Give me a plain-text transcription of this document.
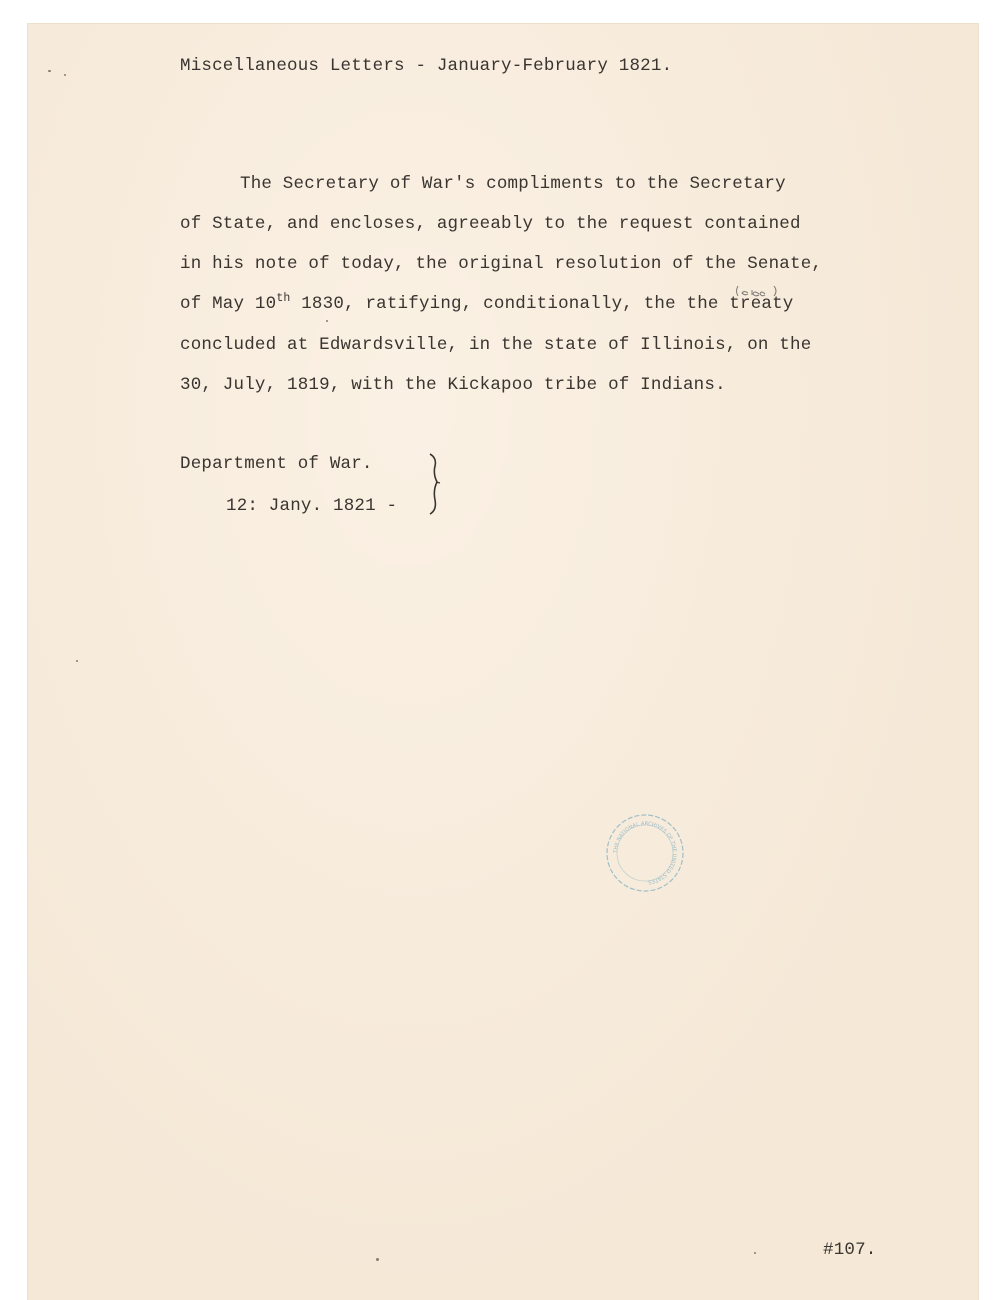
Miscellaneous Letters - January-February 1821.
The Secretary of War's compliments to the Secretary
of State, and encloses, agreeably to the request contained
in his note of today, the original resolution of the Senate,
of May 10th 1830, ratifying, conditionally, the the treaty
concluded at Edwardsville, in the state of Illinois, on the
30, July, 1819, with the Kickapoo tribe of Indians.
Department of War.
12: Jany. 1821 -
THE NATIONAL ARCHIVES OF THE UNITED STATES
#107.
